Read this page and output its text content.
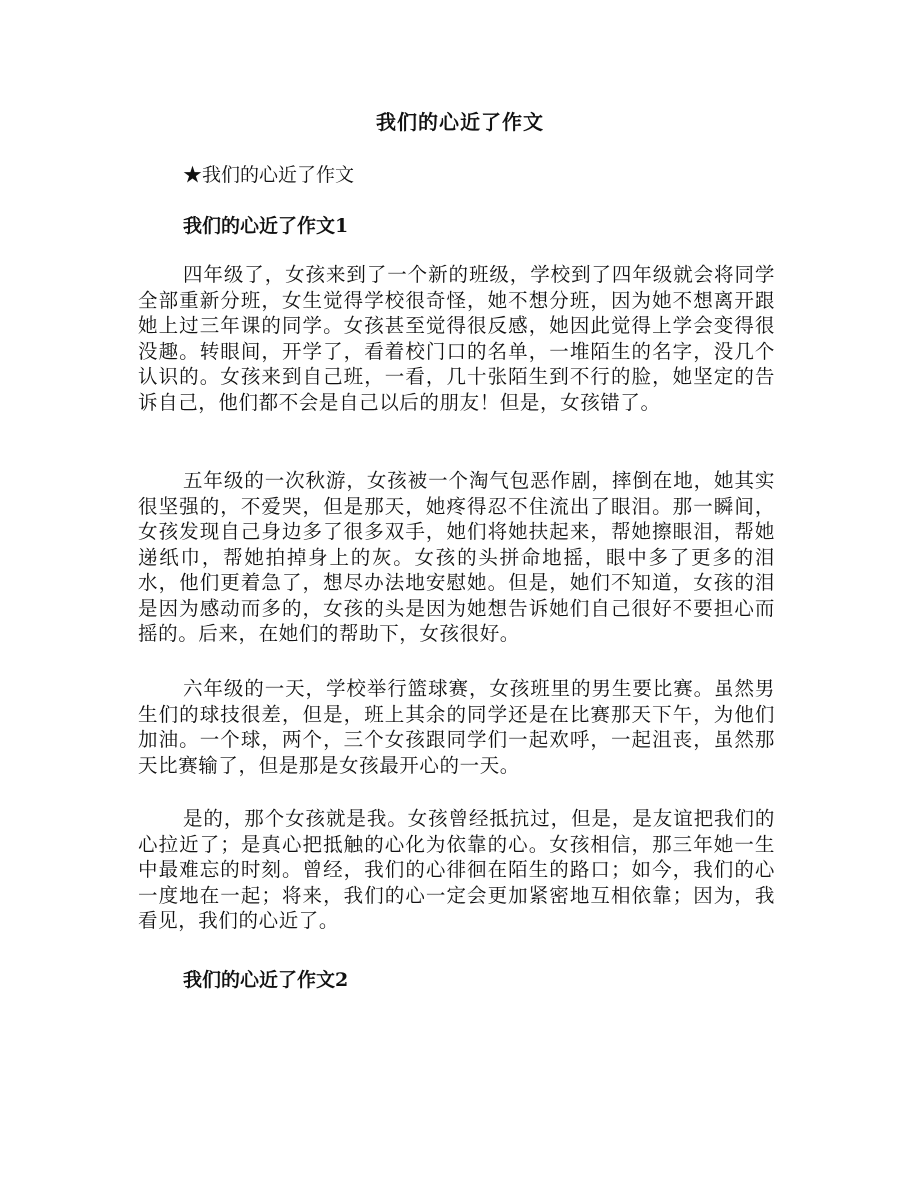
我们的心近了作文

★我们的心近了作文

我们的心近了作文1

四年级了，女孩来到了一个新的班级，学校到了四年级就会将同学全部重新分班，女生觉得学校很奇怪，她不想分班，因为她不想离开跟她上过三年课的同学。女孩甚至觉得很反感，她因此觉得上学会变得很没趣。转眼间，开学了，看着校门口的名单，一堆陌生的名字，没几个认识的。女孩来到自己班，一看，几十张陌生到不行的脸，她坚定的告诉自己，他们都不会是自己以后的朋友！但是，女孩错了。

五年级的一次秋游，女孩被一个淘气包恶作剧，摔倒在地，她其实很坚强的，不爱哭，但是那天，她疼得忍不住流出了眼泪。那一瞬间，女孩发现自己身边多了很多双手，她们将她扶起来，帮她擦眼泪，帮她递纸巾，帮她拍掉身上的灰。女孩的头拼命地摇，眼中多了更多的泪水，他们更着急了，想尽办法地安慰她。但是，她们不知道，女孩的泪是因为感动而多的，女孩的头是因为她想告诉她们自己很好不要担心而摇的。后来，在她们的帮助下，女孩很好。

六年级的一天，学校举行篮球赛，女孩班里的男生要比赛。虽然男生们的球技很差，但是，班上其余的同学还是在比赛那天下午，为他们加油。一个球，两个，三个女孩跟同学们一起欢呼，一起沮丧，虽然那天比赛输了，但是那是女孩最开心的一天。

是的，那个女孩就是我。女孩曾经抵抗过，但是，是友谊把我们的心拉近了；是真心把抵触的心化为依靠的心。女孩相信，那三年她一生中最难忘的时刻。曾经，我们的心徘徊在陌生的路口；如今，我们的心一度地在一起；将来，我们的心一定会更加紧密地互相依靠；因为，我看见，我们的心近了。

我们的心近了作文2
